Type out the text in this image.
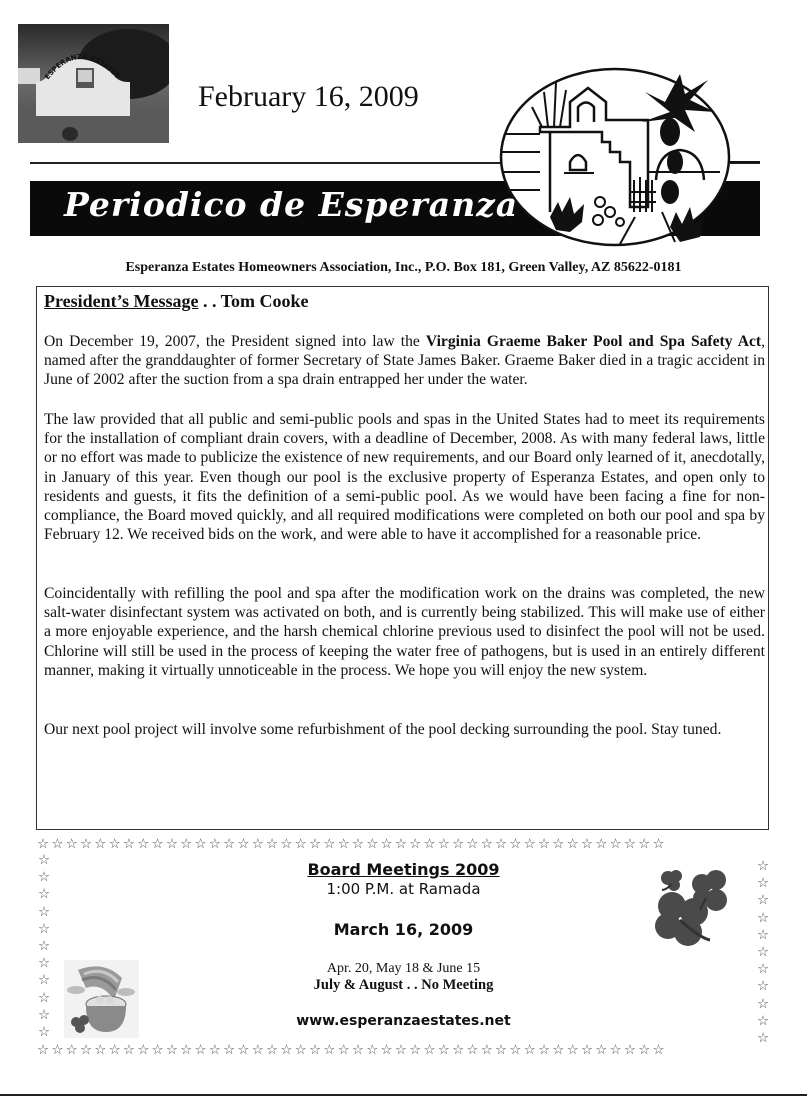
ESPERANZA ESTATES
February 16, 2009
Periodico de Esperanza
Esperanza Estates Homeowners Association, Inc., P.O. Box 181, Green Valley, AZ 85622-0181
President’s Message . . Tom Cooke
On December 19, 2007, the President signed into law the Virginia Graeme Baker Pool and Spa Safety Act, named after the granddaughter of former Secretary of State James Baker. Graeme Baker died in a tragic accident in June of 2002 after the suction from a spa drain entrapped her under the water.
The law provided that all public and semi-public pools and spas in the United States had to meet its requirements for the installation of compliant drain covers, with a deadline of December, 2008. As with many federal laws, little or no effort was made to publicize the existence of new requirements, and our Board only learned of it, anecdotally, in January of this year. Even though our pool is the exclusive property of Esperanza Estates, and open only to residents and guests, it fits the definition of a semi-public pool. As we would have been facing a fine for non-compliance, the Board moved quickly, and all required modifications were completed on both our pool and spa by February 12. We received bids on the work, and were able to have it accomplished for a reasonable price.
Coincidentally with refilling the pool and spa after the modification work on the drains was completed, the new salt-water disinfectant system was activated on both, and is currently being stabilized. This will make use of either a more enjoyable experience, and the harsh chemical chlorine previous used to disinfect the pool will not be used. Chlorine will still be used in the process of keeping the water free of pathogens, but is used in an entirely different manner, making it virtually unnoticeable in the process. We hope you will enjoy the new system.
Our next pool project will involve some refurbishment of the pool decking surrounding the pool. Stay tuned.
☆☆☆☆☆☆☆☆☆☆☆☆☆☆☆☆☆☆☆☆☆☆☆☆☆☆☆☆☆☆☆☆☆☆☆☆☆☆☆☆☆☆☆☆
☆
☆
☆
☆
☆
☆
☆
☆
☆
☆
☆
☆
☆
☆
☆
☆
☆
☆
☆
☆
☆
☆
☆☆☆☆☆☆☆☆☆☆☆☆☆☆☆☆☆☆☆☆☆☆☆☆☆☆☆☆☆☆☆☆☆☆☆☆☆☆☆☆☆☆☆☆
Board Meetings 2009
1:00 P.M. at Ramada
March 16, 2009
Apr. 20, May 18 & June 15
July & August . . No Meeting
www.esperanzaestates.net
